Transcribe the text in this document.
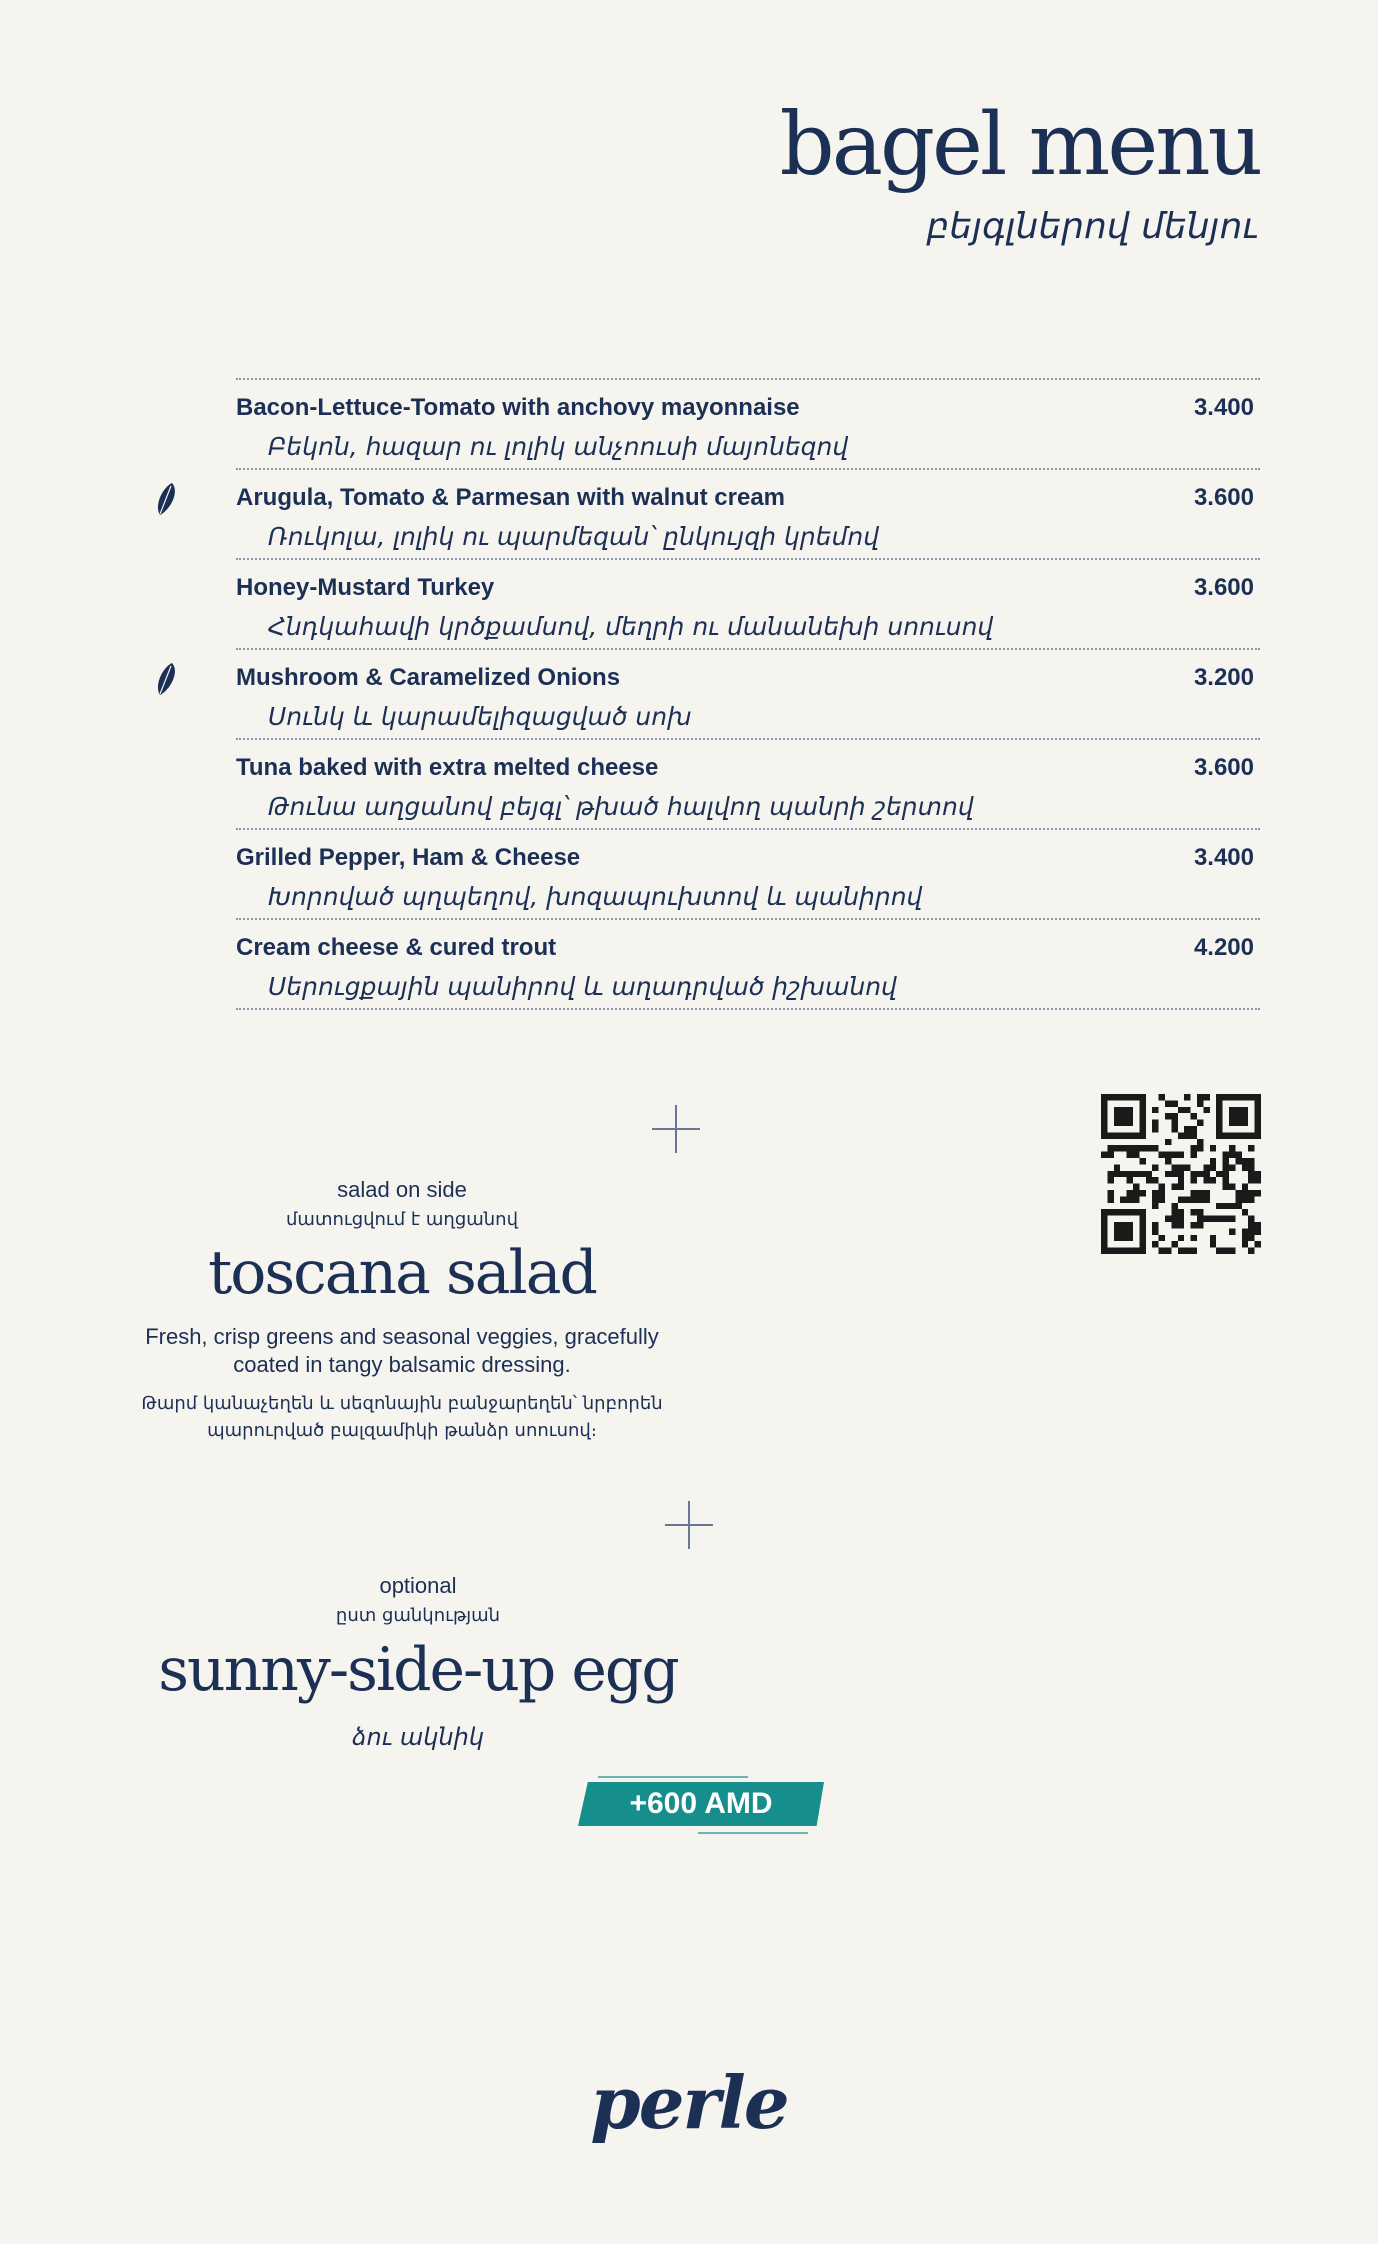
bagel menu

բեյգլներով մենյու

Bacon-Lettuce-Tomato with anchovy mayonnaise	3.400
Բեկոն, հազար ու լոլիկ անչոուսի մայոնեզով
Arugula, Tomato & Parmesan with walnut cream	3.600
Ռուկոլա, լոլիկ ու պարմեզան՝ ընկույզի կրեմով
Honey-Mustard Turkey	3.600
Հնդկահավի կրծքամսով, մեղրի ու մանանեխի սոուսով
Mushroom & Caramelized Onions	3.200
Սունկ և կարամելիզացված սոխ
Tuna baked with extra melted cheese	3.600
Թունա աղցանով բեյգլ՝ թխած հալվող պանրի շերտով
Grilled Pepper, Ham & Cheese	3.400
Խորոված պղպեղով, խոզապուխտով և պանիրով
Cream cheese & cured trout	4.200
Սերուցքային պանիրով և աղադրված իշխանով

salad on side

մատուցվում է աղցանով

toscana salad

Fresh, crisp greens and seasonal veggies, gracefully

coated in tangy balsamic dressing.

Թարմ կանաչեղեն և սեզոնային բանջարեղեն՝ նրբորեն

պարուրված բալզամիկի թանձր սոուսով։

optional

ըստ ցանկության

sunny-side-up egg

ձու ակնիկ

+600 AMD

perle
